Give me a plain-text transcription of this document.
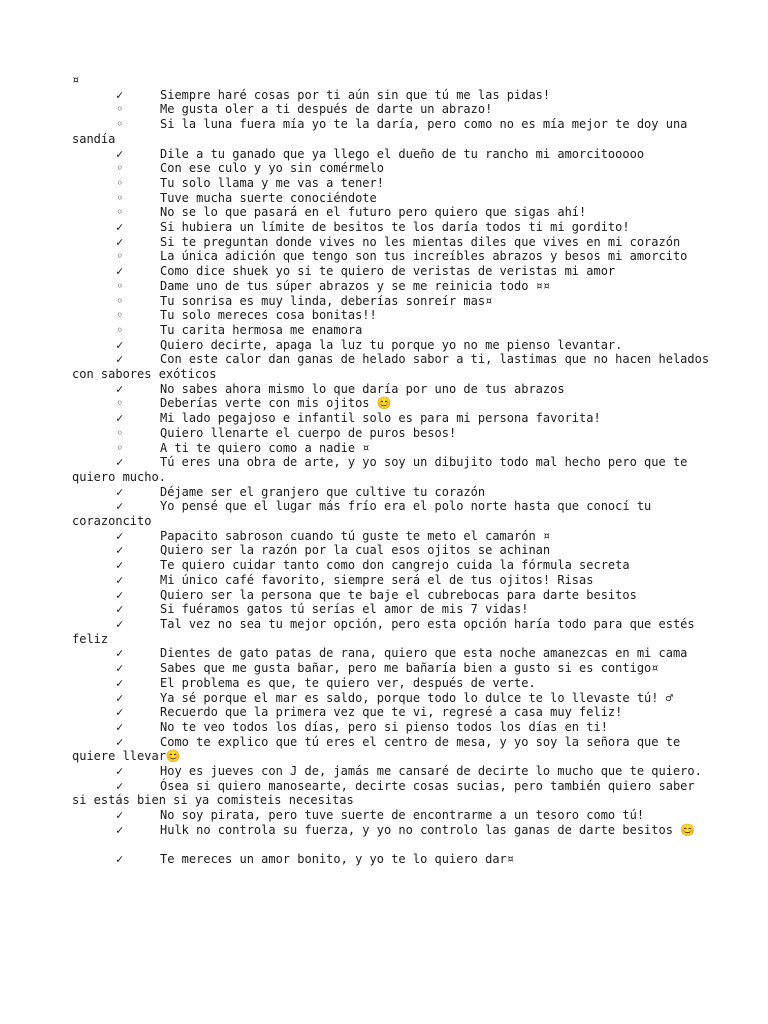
¤
✓	Siempre haré cosas por ti aún sin que tú me las pidas!
◦	Me gusta oler a ti después de darte un abrazo!
◦	Si la luna fuera mía yo te la daría, pero como no es mía mejor te doy una sandía
✓	Dile a tu ganado que ya llego el dueño de tu rancho mi amorcitooooo
◦	Con ese culo y yo sin comérmelo
◦	Tu solo llama y me vas a tener!
◦	Tuve mucha suerte conociéndote
◦	No se lo que pasará en el futuro pero quiero que sigas ahí!
✓	Si hubiera un límite de besitos te los daría todos ti mi gordito!
✓	Si te preguntan donde vives no les mientas diles que vives en mi corazón
◦	La única adición que tengo son tus increíbles abrazos y besos mi amorcito
✓	Como dice shuek yo si te quiero de veristas de veristas mi amor
◦	Dame uno de tus súper abrazos y se me reinicia todo ¤¤
◦	Tu sonrisa es muy linda, deberías sonreír mas¤
◦	Tu solo mereces cosa bonitas!!
◦	Tu carita hermosa me enamora
✓	Quiero decirte, apaga la luz tu porque yo no me pienso levantar.
✓	Con este calor dan ganas de helado sabor a ti, lastimas que no hacen helados con sabores exóticos
✓	No sabes ahora mismo lo que daría por uno de tus abrazos
◦	Deberías verte con mis ojitos 😊
✓	Mi lado pegajoso e infantil solo es para mi persona favorita!
◦	Quiero llenarte el cuerpo de puros besos!
◦	A ti te quiero como a nadie ¤
✓	Tú eres una obra de arte, y yo soy un dibujito todo mal hecho pero que te quiero mucho.
✓	Déjame ser el granjero que cultive tu corazón
✓	Yo pensé que el lugar más frío era el polo norte hasta que conocí tu corazoncito
✓	Papacito sabroson cuando tú guste te meto el camarón ¤
✓	Quiero ser la razón por la cual esos ojitos se achinan
✓	Te quiero cuidar tanto como don cangrejo cuida la fórmula secreta
✓	Mi único café favorito, siempre será el de tus ojitos! Risas
✓	Quiero ser la persona que te baje el cubrebocas para darte besitos
✓	Si fuéramos gatos tú serías el amor de mis 7 vidas!
✓	Tal vez no sea tu mejor opción, pero esta opción haría todo para que estés feliz
✓	Dientes de gato patas de rana, quiero que esta noche amanezcas en mi cama
✓	Sabes que me gusta bañar, pero me bañaría bien a gusto si es contigo¤
✓	El problema es que, te quiero ver, después de verte.
✓	Ya sé porque el mar es saldo, porque todo lo dulce te lo llevaste tú! ♂
✓	Recuerdo que la primera vez que te vi, regresé a casa muy feliz!
✓	No te veo todos los días, pero si pienso todos los días en ti!
✓	Como te explico que tú eres el centro de mesa, y yo soy la señora que te quiere llevar😊
✓	Hoy es jueves con J de, jamás me cansaré de decirte lo mucho que te quiero.
✓	Ósea si quiero manosearte, decirte cosas sucias, pero también quiero saber si estás bien si ya comisteis necesitas
✓	No soy pirata, pero tuve suerte de encontrarme a un tesoro como tú!
✓	Hulk no controla su fuerza, y yo no controlo las ganas de darte besitos 😊
✓	Te mereces un amor bonito, y yo te lo quiero dar¤
